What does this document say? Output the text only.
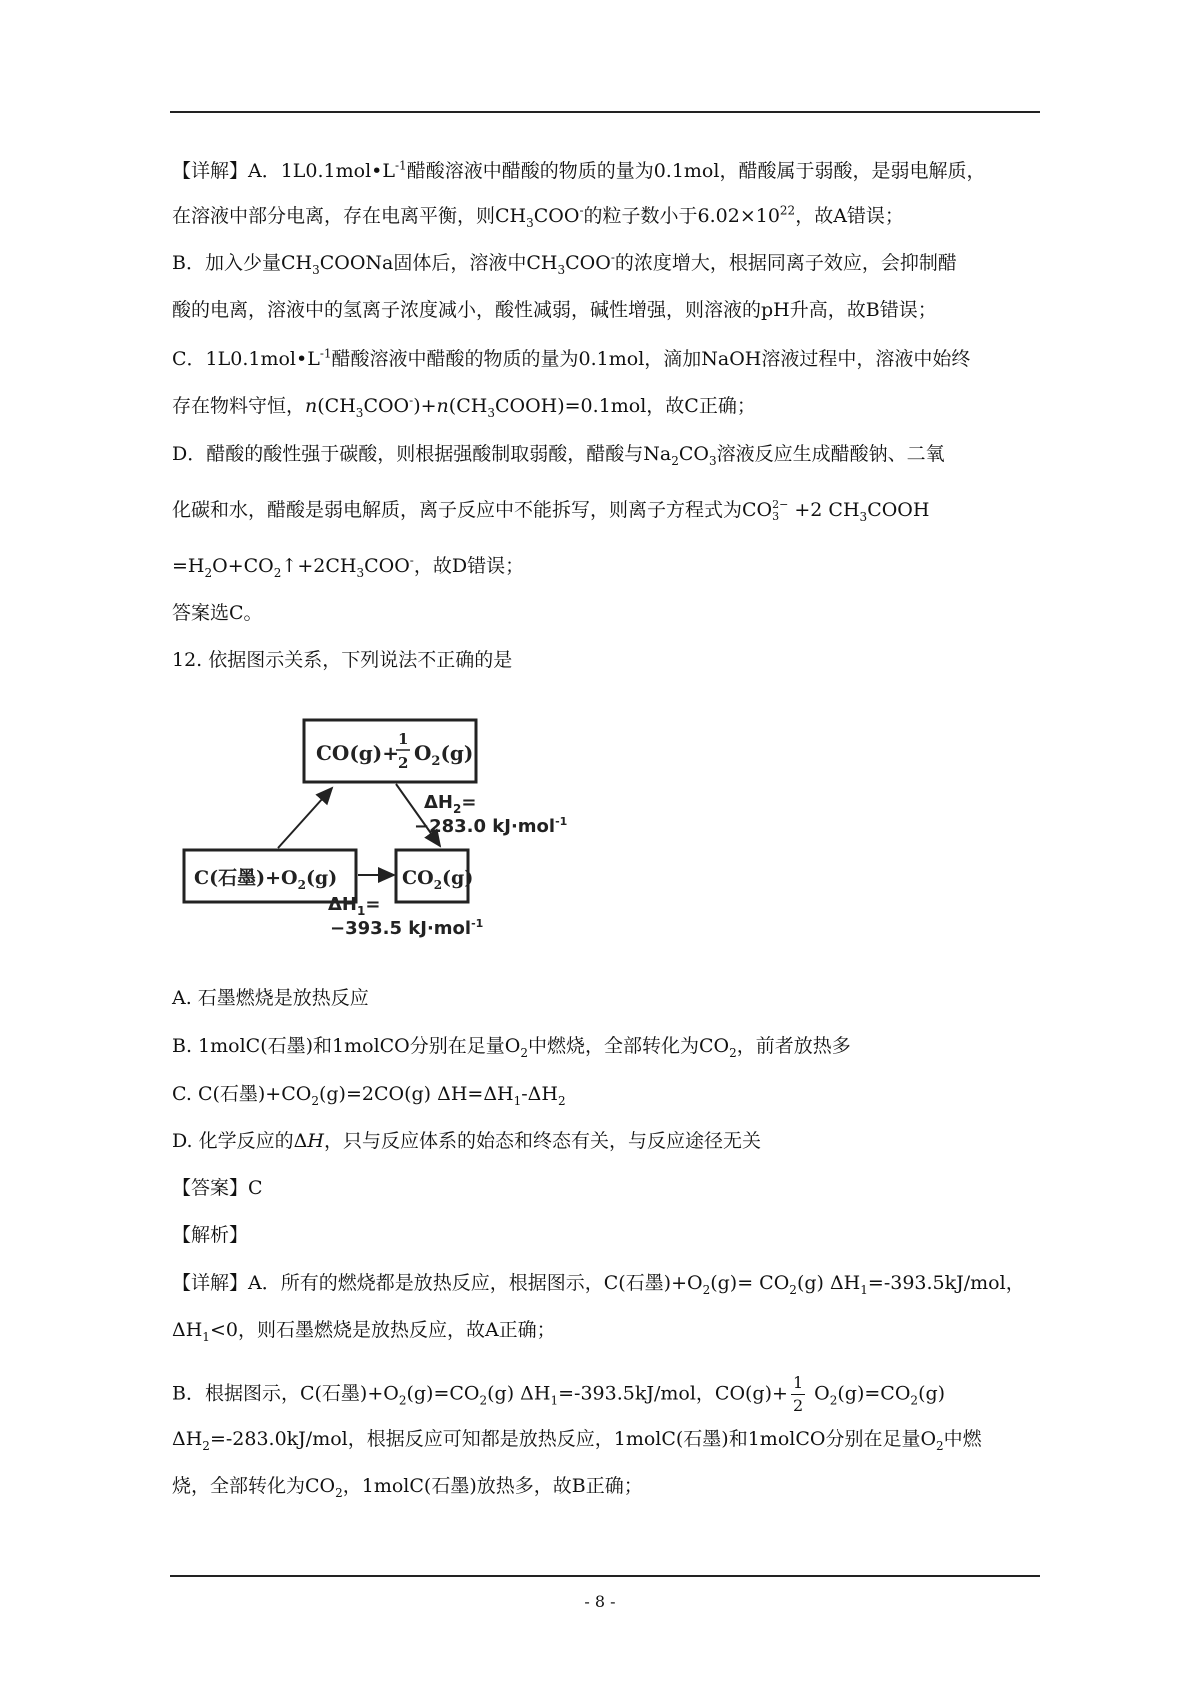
【详解】A．$1L0.1mol•L^{-1}$醋酸溶液中醋酸的物质的量为0.1mol，醋酸属于弱酸，是弱电解质，
在溶液中部分电离，存在电离平衡，则$CH_3COO^-$的粒子数小于$6.02\times 10^{22}$，故A错误；
B．加入少量$CH_3COONa$固体后，溶液中$CH_3COO^-$的浓度增大，根据同离子效应，会抑制醋
酸的电离，溶液中的氢离子浓度减小，酸性减弱，碱性增强，则溶液的pH升高，故B错误；
C．$1L0.1mol•L^{-1}$醋酸溶液中醋酸的物质的量为0.1mol，滴加NaOH溶液过程中，溶液中始终
存在物料守恒，$n(CH_3COO^-)+n(CH_3COOH)=0.1mol$，故C正确；
D．醋酸的酸性强于碳酸，则根据强酸制取弱酸，醋酸与$Na_2CO_3$溶液反应生成醋酸钠、二氧
化碳和水，醋酸是弱电解质，离子反应中不能拆写，则离子方程式为CO 2−
3 +2 $CH_3COOH$
$=H_2O+CO_2↑+2CH_3COO^-$，故D错误；
答案选C。
12. 依据图示关系，下列说法不正确的是
CO(g)+
1
2 $O_2(g)$
C(石墨)$+O_2(g)$	$CO_2(g)$
$\Delta H_2=$
−283.0 kJ·mol$^{-1}$
$\Delta H_1=$
−393.5 kJ·mol$^{-1}$
A. 石墨燃烧是放热反应
B. 1molC(石墨)和1molCO分别在足量$O_2$中燃烧，全部转化为$CO_2$，前者放热多
C. C(石墨)$+CO_2(g)=2CO(g)$ $\Delta H=\Delta H_1-\Delta H_2$
D. 化学反应的ΔH，只与反应体系的始态和终态有关，与反应途径无关
【答案】C
【解析】
【详解】A．所有的燃烧都是放热反应，根据图示，C(石墨)$+O_2(g)= CO_2(g)$ $\Delta H_1=-393.5kJ$/mol，
$\Delta H_1<0$，则石墨燃烧是放热反应，故A正确；
B．根据图示，C(石墨)$+O_2(g)=CO_2(g)$ $\Delta H_1=-393.5kJ$/mol，$CO(g)+ \frac{1}{2} O_2(g)=CO_2(g)$
$\Delta H_2=-283.0kJ$/mol，根据反应可知都是放热反应，1molC(石墨)和1molCO分别在足量$O_2$中燃
烧，全部转化为$CO_2$，1molC(石墨)放热多，故B正确；
- 8 -
